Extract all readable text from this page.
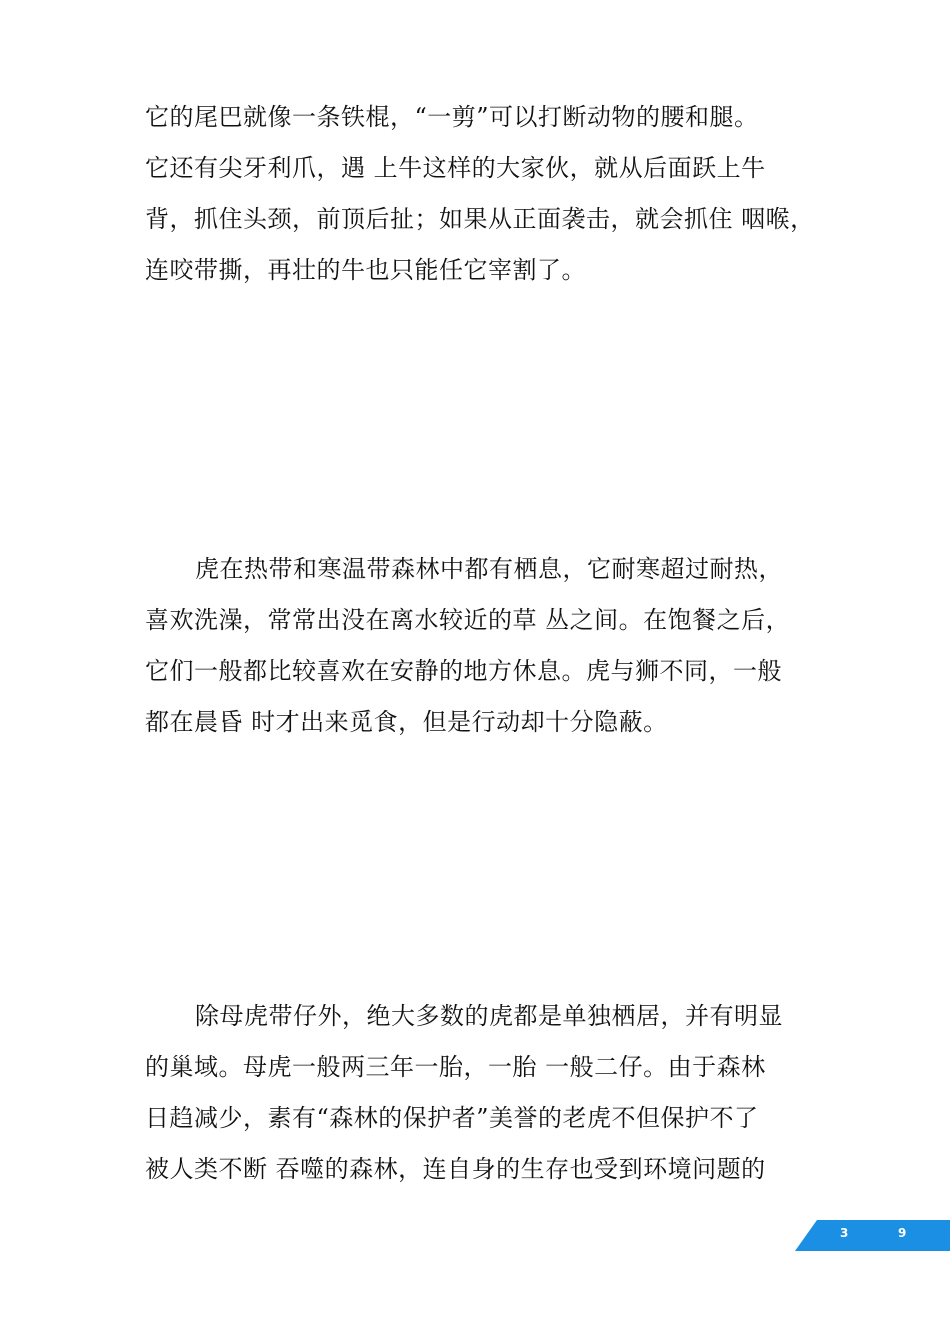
它的尾巴就像一条铁棍，“一剪”可以打断动物的腰和腿。
它还有尖牙利爪，遇 上牛这样的大家伙，就从后面跃上牛
背，抓住头颈，前顶后扯；如果从正面袭击，就会抓住 咽喉，
连咬带撕，再壮的牛也只能任它宰割了。

虎在热带和寒温带森林中都有栖息，它耐寒超过耐热，
喜欢洗澡，常常出没在离水较近的草 丛之间。在饱餐之后，
它们一般都比较喜欢在安静的地方休息。虎与狮不同，一般
都在晨昏 时才出来觅食，但是行动却十分隐蔽。

除母虎带仔外，绝大多数的虎都是单独栖居，并有明显
的巢域。母虎一般两三年一胎，一胎 一般二仔。由于森林
日趋减少，素有“森林的保护者”美誉的老虎不但保护不了
被人类不断 吞噬的森林，连自身的生存也受到环境问题的

3	9
